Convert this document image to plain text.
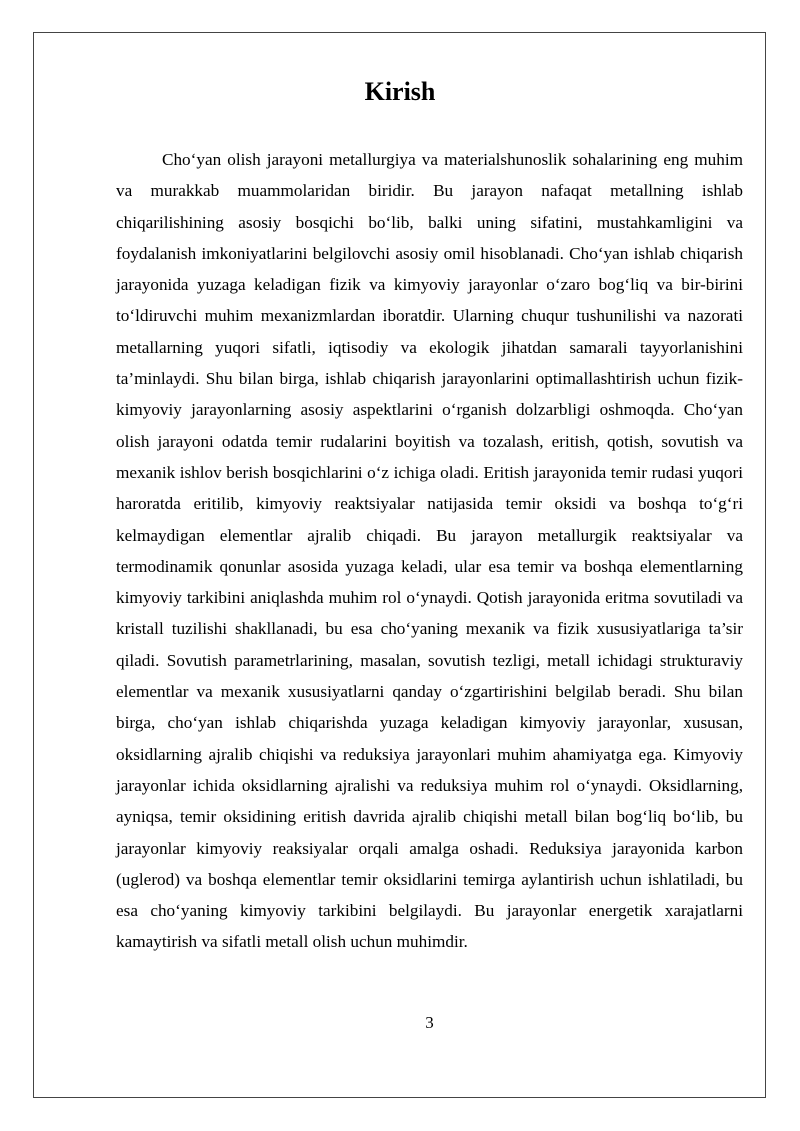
Kirish

Cho‘yan olish jarayoni metallurgiya va materialshunoslik sohalarining eng muhim va murakkab muammolaridan biridir. Bu jarayon nafaqat metallning ishlab chiqarilishining asosiy bosqichi bo‘lib, balki uning sifatini, mustahkamligini va foydalanish imkoniyatlarini belgilovchi asosiy omil hisoblanadi. Cho‘yan ishlab chiqarish jarayonida yuzaga keladigan fizik va kimyoviy jarayonlar o‘zaro bog‘liq va bir-birini to‘ldiruvchi muhim mexanizmlardan iboratdir. Ularning chuqur tushunilishi va nazorati metallarning yuqori sifatli, iqtisodiy va ekologik jihatdan samarali tayyorlanishini ta’minlaydi. Shu bilan birga, ishlab chiqarish jarayonlarini optimallashtirish uchun fizik-kimyoviy jarayonlarning asosiy aspektlarini o‘rganish dolzarbligi oshmoqda. Cho‘yan olish jarayoni odatda temir rudalarini boyitish va tozalash, eritish, qotish, sovutish va mexanik ishlov berish bosqichlarini o‘z ichiga oladi. Eritish jarayonida temir rudasi yuqori haroratda eritilib, kimyoviy reaktsiyalar natijasida temir oksidi va boshqa to‘g‘ri kelmaydigan elementlar ajralib chiqadi. Bu jarayon metallurgik reaktsiyalar va termodinamik qonunlar asosida yuzaga keladi, ular esa temir va boshqa elementlarning kimyoviy tarkibini aniqlashda muhim rol o‘ynaydi. Qotish jarayonida eritma sovutiladi va kristall tuzilishi shakllanadi, bu esa cho‘yaning mexanik va fizik xususiyatlariga ta’sir qiladi. Sovutish parametrlarining, masalan, sovutish tezligi, metall ichidagi strukturaviy elementlar va mexanik xususiyatlarni qanday o‘zgartirishini belgilab beradi. Shu bilan birga, cho‘yan ishlab chiqarishda yuzaga keladigan kimyoviy jarayonlar, xususan, oksidlarning ajralib chiqishi va reduksiya jarayonlari muhim ahamiyatga ega. Kimyoviy jarayonlar ichida oksidlarning ajralishi va reduksiya muhim rol o‘ynaydi. Oksidlarning, ayniqsa, temir oksidining eritish davrida ajralib chiqishi metall bilan bog‘liq bo‘lib, bu jarayonlar kimyoviy reaksiyalar orqali amalga oshadi. Reduksiya jarayonida karbon (uglerod) va boshqa elementlar temir oksidlarini temirga aylantirish uchun ishlatiladi, bu esa cho‘yaning kimyoviy tarkibini belgilaydi. Bu jarayonlar energetik xarajatlarni kamaytirish va sifatli metall olish uchun muhimdir.

3
